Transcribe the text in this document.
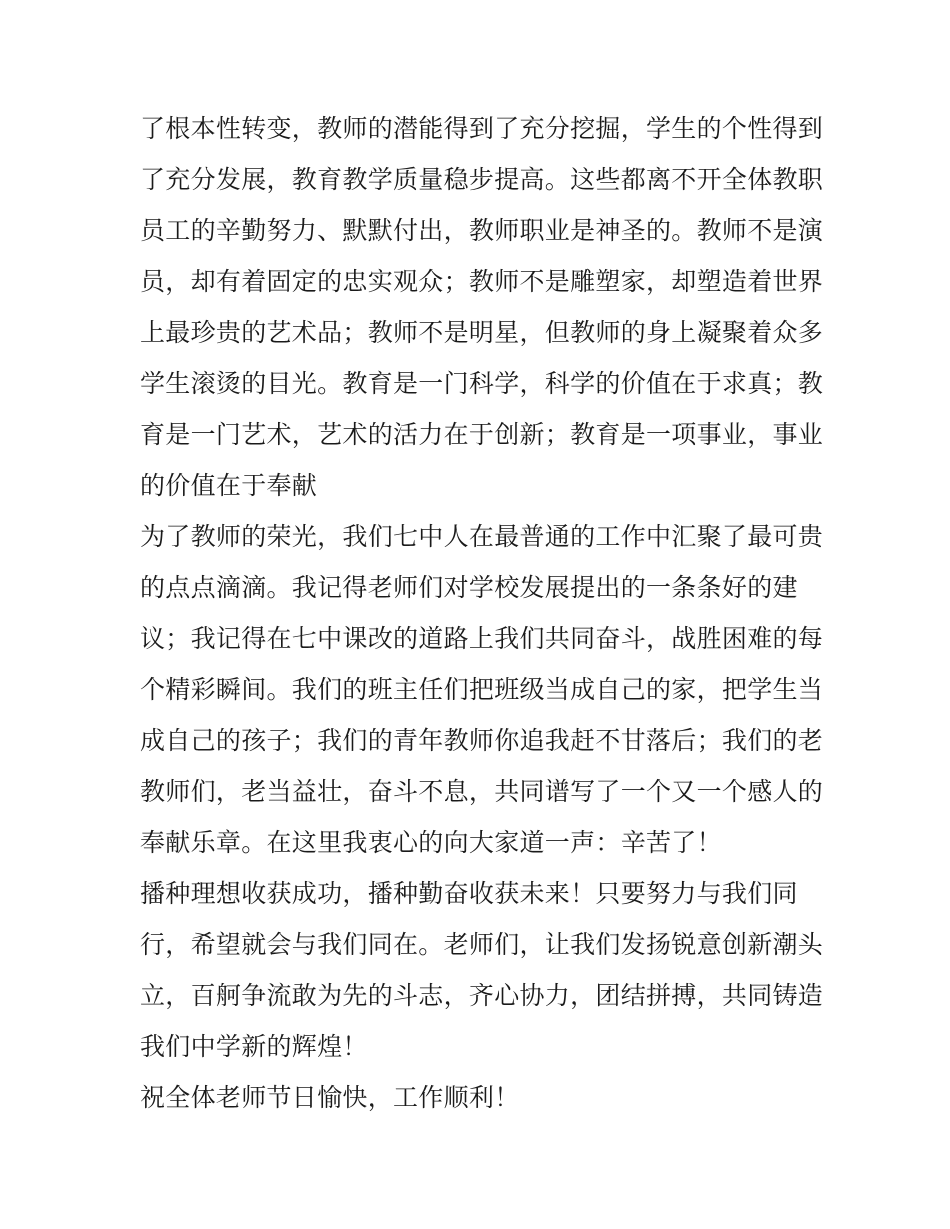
了根本性转变，教师的潜能得到了充分挖掘，学生的个性得到
了充分发展，教育教学质量稳步提高。这些都离不开全体教职
员工的辛勤努力、默默付出，教师职业是神圣的。教师不是演
员，却有着固定的忠实观众；教师不是雕塑家，却塑造着世界
上最珍贵的艺术品；教师不是明星，但教师的身上凝聚着众多
学生滚烫的目光。教育是一门科学，科学的价值在于求真；教
育是一门艺术，艺术的活力在于创新；教育是一项事业，事业
的价值在于奉献

为了教师的荣光，我们七中人在最普通的工作中汇聚了最可贵
的点点滴滴。我记得老师们对学校发展提出的一条条好的建
议；我记得在七中课改的道路上我们共同奋斗，战胜困难的每
个精彩瞬间。我们的班主任们把班级当成自己的家，把学生当
成自己的孩子；我们的青年教师你追我赶不甘落后；我们的老
教师们，老当益壮，奋斗不息，共同谱写了一个又一个感人的
奉献乐章。在这里我衷心的向大家道一声：辛苦了！

播种理想收获成功，播种勤奋收获未来！只要努力与我们同
行，希望就会与我们同在。老师们，让我们发扬锐意创新潮头
立，百舸争流敢为先的斗志，齐心协力，团结拼搏，共同铸造
我们中学新的辉煌！

祝全体老师节日愉快，工作顺利！
